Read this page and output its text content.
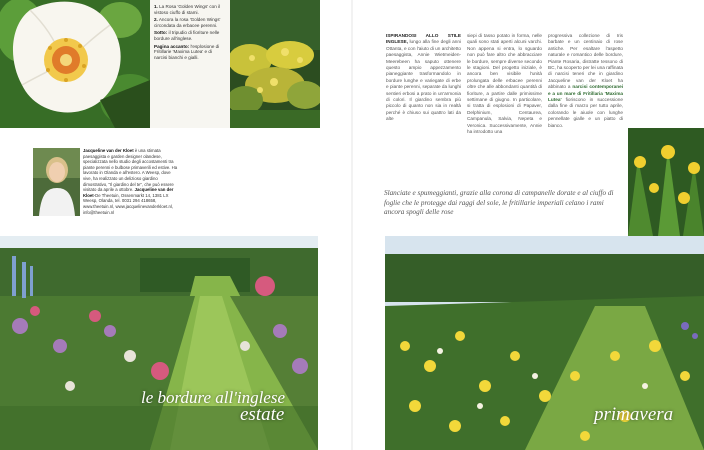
1. La Rosa 'Golden Wings' con il vistoso ciuffo di stami.
2. Ancora la rosa 'Golden Wings' circondata da erbacee perenni.
Sotto: il tripudio di fioriture nelle bordure all'inglese.
Pagina accanto: l'esplosione di Fritillarie 'Maxima Lutea' e di narcisi bianchi e gialli.
ISPIRANDOSI ALLO STILE INGLESE, lungo alla fine degli anni Ottanta, e con l'aiuto di un architetto paesaggista, Annie Wietmeiden-Meerebeen ha saputo ottenere questo ampio appezzamento pianeggiante trasformandolo in bordure lunghe e variegate di erbe e piante perenni, separate da lunghi sentieri erbosi a prato in un'armonia di colori. Il giardino sembra più piccolo di quanto non sia in realtà perché è chiuso sui quattro lati da alte
siepi di tasso potato in forma, nelle quali sono stati aperti alcuni varchi. Non appena si entra, lo sguardo non può fare altro che abbracciare le bordure, sempre diverse secondo le stagioni. Del progetto iniziale, è ancora ben visibile l'unità prolungata delle erbacee perenni oltre che alle abbondanti quantità di fioriture, a partire dalle primissime settimane di giugno. In particolare, si tratta di esplosioni di Papaver, Delphinium, Centaurea, Campanula, Salvia, Nepeta e Veronica. Successivamente, Annie ha introdotto una
progressiva collezione di Iris barbate e un centinaio di rose antiche. Per esaltare l'aspetto naturale e romantico delle bordure, Piante Rosaria, distratte tessono di BC, ha scoperto per lei una raffinata di narcisi teneri che in giardino Jacqueline van der Kloet ha abbinato a narcisi contemporanei e a un mare di Fritillaria 'Maxima Lutea' fioriscono in successione dalla fine di marzo per tutto aprile, colorando le aiuole con lunghe pennellate gialle e un piatto di bianco.
Jacqueline van der Kloet è una stimata paesaggista e garden designer olandese, specializzata nello studio degli accostamenti tra piante perenni e bulbose primaverili ed estive. Ha lavorato in Olanda e all'estero. A Weesp, dove vive, ha realizzato un delizioso giardino dimostrativo, "Il giardino del te", che può essere visitato da aprile a ottobre. Jacqueline van der Kloet-De Theetuin, Ossenmarkt 14, 1381 LX Weesp, Olanda, tel. 0031 294 418658, www.theetuin.nl, www.jacquelinevanderkloet.nl, info@theetuin.nl
Slanciate e spumeggianti, grazie alla corona di campanelle dorate e al ciuffo di foglie che le protegge dai raggi del sole, le fritillarie imperiali celano i rami ancora spogli delle rose
le bordure all'inglese
estate	primavera
